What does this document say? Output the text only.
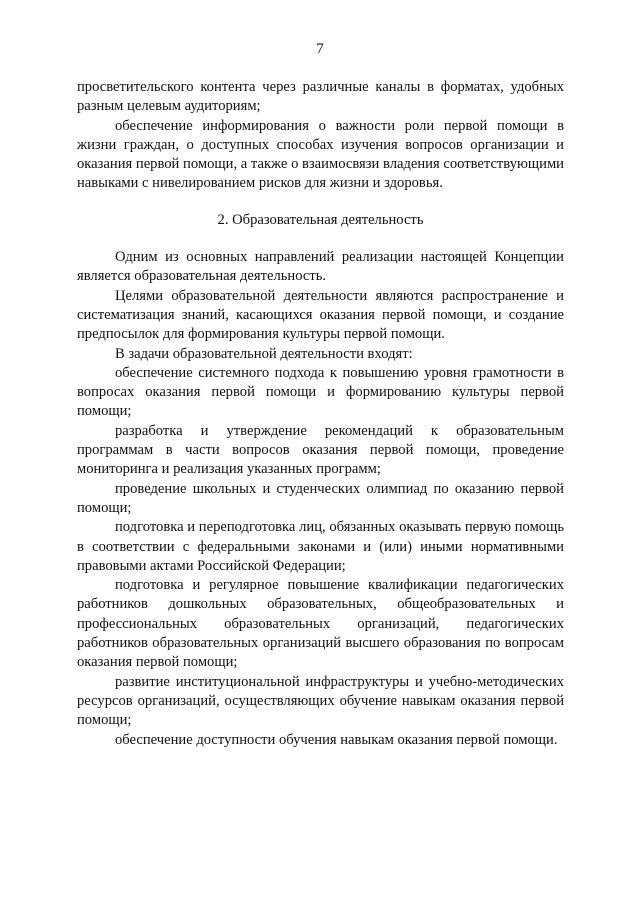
7

просветительского контента через различные каналы в форматах, удобных разным целевым аудиториям;

обеспечение информирования о важности роли первой помощи в жизни граждан, о доступных способах изучения вопросов организации и оказания первой помощи, а также о взаимосвязи владения соответствующими навыками с нивелированием рисков для жизни и здоровья.

2. Образовательная деятельность

Одним из основных направлений реализации настоящей Концепции является образовательная деятельность.

Целями образовательной деятельности являются распространение и систематизация знаний, касающихся оказания первой помощи, и создание предпосылок для формирования культуры первой помощи.

В задачи образовательной деятельности входят:

обеспечение системного подхода к повышению уровня грамотности в вопросах оказания первой помощи и формированию культуры первой помощи;

разработка и утверждение рекомендаций к образовательным программам в части вопросов оказания первой помощи, проведение мониторинга и реализация указанных программ;

проведение школьных и студенческих олимпиад по оказанию первой помощи;

подготовка и переподготовка лиц, обязанных оказывать первую помощь в соответствии с федеральными законами и (или) иными нормативными правовыми актами Российской Федерации;

подготовка и регулярное повышение квалификации педагогических работников дошкольных образовательных, общеобразовательных и профессиональных образовательных организаций, педагогических работников образовательных организаций высшего образования по вопросам оказания первой помощи;

развитие институциональной инфраструктуры и учебно-методических ресурсов организаций, осуществляющих обучение навыкам оказания первой помощи;

обеспечение доступности обучения навыкам оказания первой помощи.
